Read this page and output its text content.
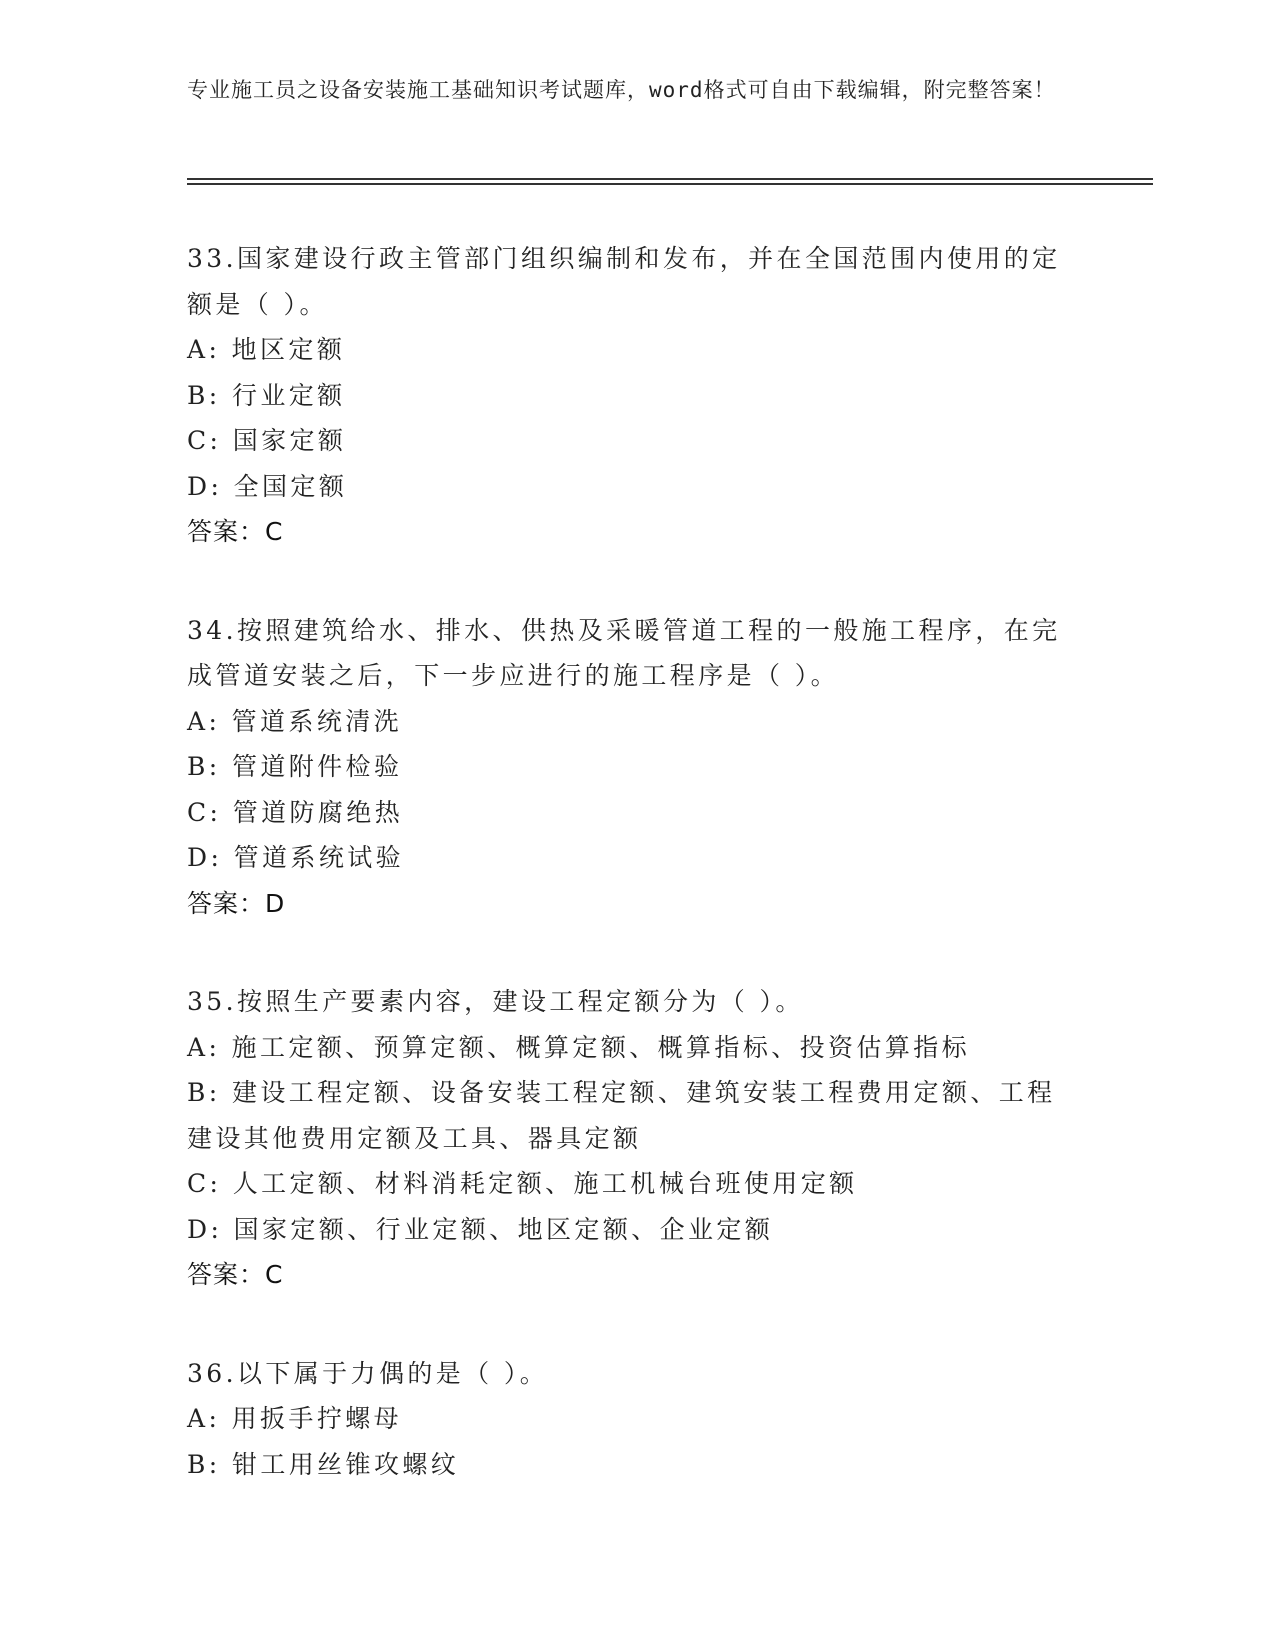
专业施工员之设备安装施工基础知识考试题库，word格式可自由下载编辑，附完整答案！
33.国家建设行政主管部门组织编制和发布，并在全国范围内使用的定额是（ ）。
A: 地区定额
B: 行业定额
C: 国家定额
D: 全国定额
答案：C
34.按照建筑给水、排水、供热及采暖管道工程的一般施工程序，在完成管道安装之后，下一步应进行的施工程序是（ ）。
A: 管道系统清洗
B: 管道附件检验
C: 管道防腐绝热
D: 管道系统试验
答案：D
35.按照生产要素内容，建设工程定额分为（ ）。
A: 施工定额、预算定额、概算定额、概算指标、投资估算指标
B: 建设工程定额、设备安装工程定额、建筑安装工程费用定额、工程建设其他费用定额及工具、器具定额
C: 人工定额、材料消耗定额、施工机械台班使用定额
D: 国家定额、行业定额、地区定额、企业定额
答案：C
36.以下属于力偶的是（ ）。
A: 用扳手拧螺母
B: 钳工用丝锥攻螺纹
